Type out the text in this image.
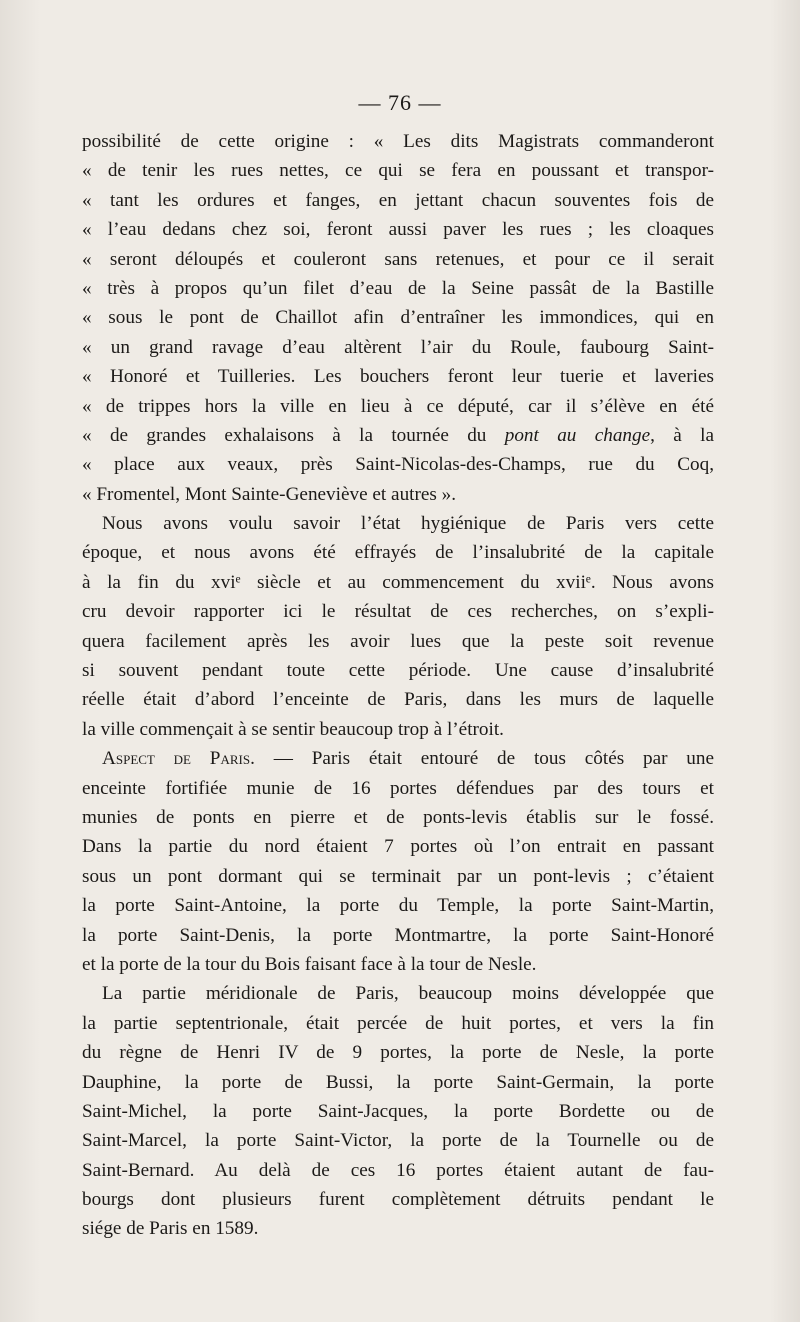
— 76 —
possibilité de cette origine : « Les dits Magistrats commanderont
« de tenir les rues nettes, ce qui se fera en poussant et transpor-
« tant les ordures et fanges, en jettant chacun souventes fois de
« l’eau dedans chez soi, feront aussi paver les rues ; les cloaques
« seront déloupés et couleront sans retenues, et pour ce il serait
« très à propos qu’un filet d’eau de la Seine passât de la Bastille
« sous le pont de Chaillot afin d’entraîner les immondices, qui en
« un grand ravage d’eau altèrent l’air du Roule, faubourg Saint-
« Honoré et Tuilleries. Les bouchers feront leur tuerie et laveries
« de trippes hors la ville en lieu à ce député, car il s’élève en été
« de grandes exhalaisons à la tournée du pont au change, à la
« place aux veaux, près Saint-Nicolas-des-Champs, rue du Coq,
« Fromentel, Mont Sainte-Geneviève et autres ».
Nous avons voulu savoir l’état hygiénique de Paris vers cette
époque, et nous avons été effrayés de l’insalubrité de la capitale
à la fin du xviᵉ siècle et au commencement du xviiᵉ. Nous avons
cru devoir rapporter ici le résultat de ces recherches, on s’expli-
quera facilement après les avoir lues que la peste soit revenue
si souvent pendant toute cette période. Une cause d’insalubrité
réelle était d’abord l’enceinte de Paris, dans les murs de laquelle
la ville commençait à se sentir beaucoup trop à l’étroit.
Aspect de Paris. — Paris était entouré de tous côtés par une
enceinte fortifiée munie de 16 portes défendues par des tours et
munies de ponts en pierre et de ponts-levis établis sur le fossé.
Dans la partie du nord étaient 7 portes où l’on entrait en passant
sous un pont dormant qui se terminait par un pont-levis ; c’étaient
la porte Saint-Antoine, la porte du Temple, la porte Saint-Martin,
la porte Saint-Denis, la porte Montmartre, la porte Saint-Honoré
et la porte de la tour du Bois faisant face à la tour de Nesle.
La partie méridionale de Paris, beaucoup moins développée que
la partie septentrionale, était percée de huit portes, et vers la fin
du règne de Henri IV de 9 portes, la porte de Nesle, la porte
Dauphine, la porte de Bussi, la porte Saint-Germain, la porte
Saint-Michel, la porte Saint-Jacques, la porte Bordette ou de
Saint-Marcel, la porte Saint-Victor, la porte de la Tournelle ou de
Saint-Bernard. Au delà de ces 16 portes étaient autant de fau-
bourgs dont plusieurs furent complètement détruits pendant le
siége de Paris en 1589.
